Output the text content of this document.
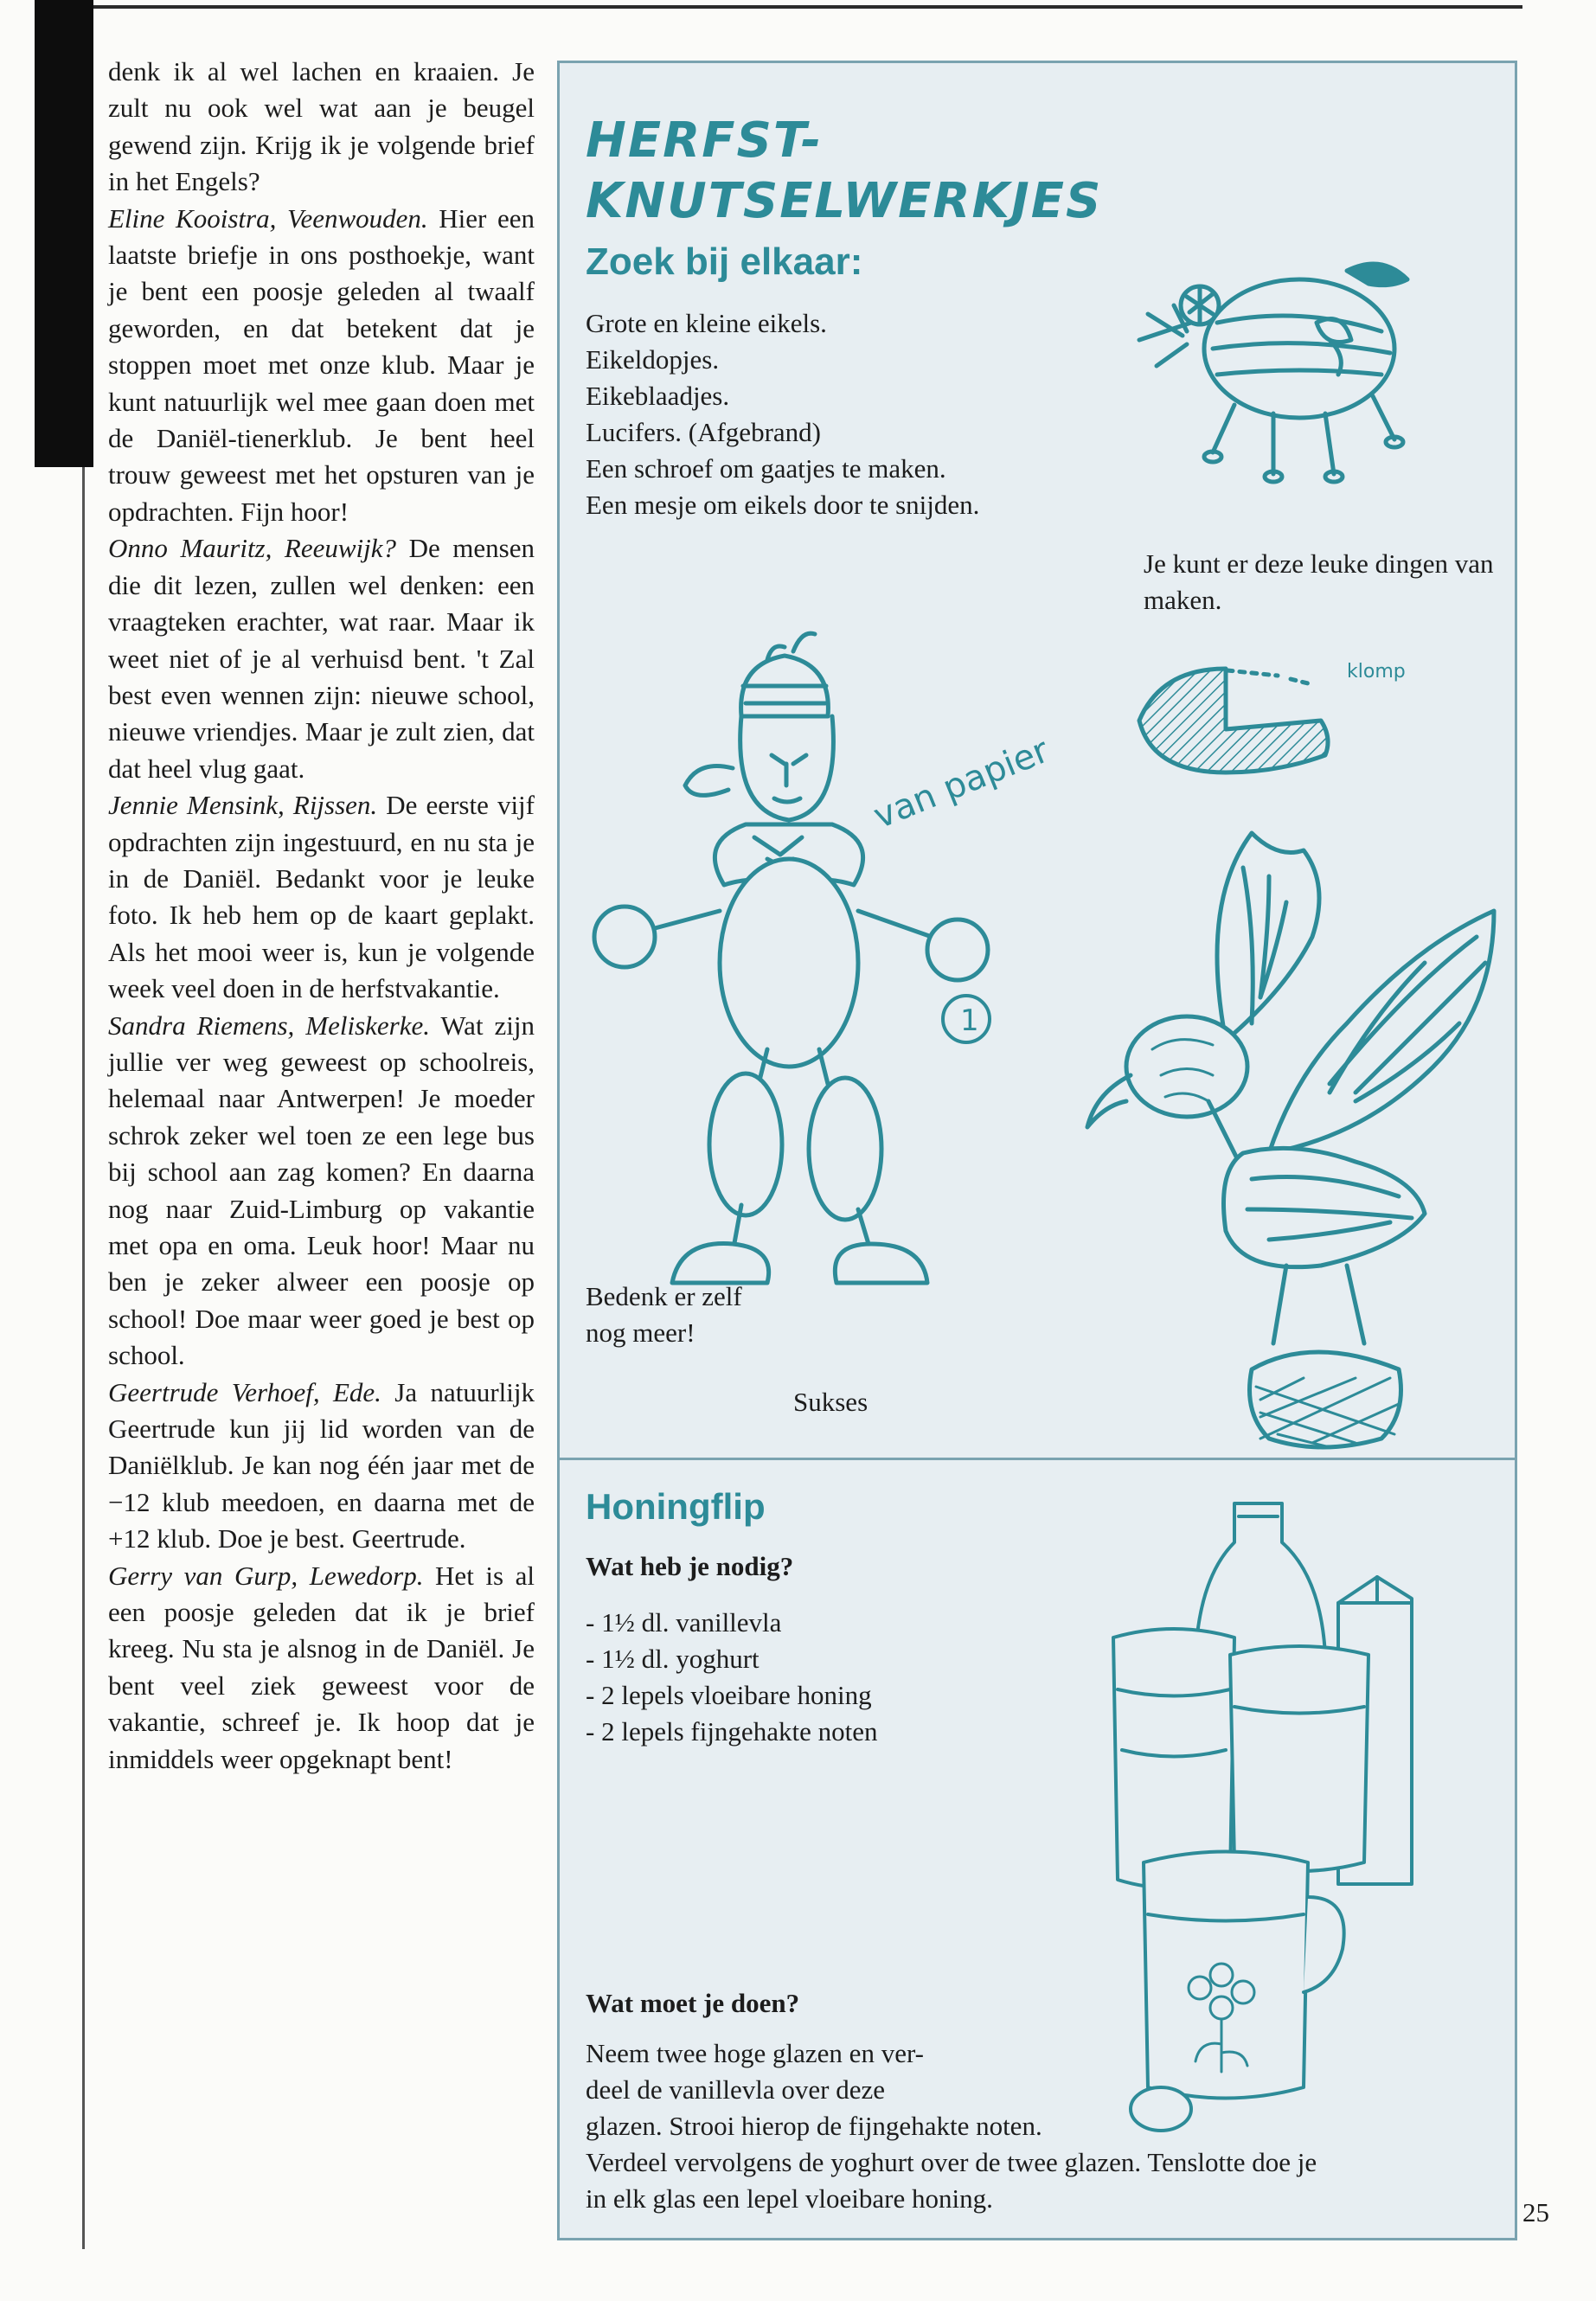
denk ik al wel lachen en kraaien. Je zult nu ook wel wat aan je beugel gewend zijn. Krijg ik je volgende brief in het Engels?

Eline Kooistra, Veenwouden. Hier een laatste briefje in ons posthoekje, want je bent een poosje geleden al twaalf geworden, en dat betekent dat je stoppen moet met onze klub. Maar je kunt natuurlijk wel mee gaan doen met de Daniël-tienerklub. Je bent heel trouw geweest met het opsturen van je opdrachten. Fijn hoor!

Onno Mauritz, Reeuwijk? De mensen die dit lezen, zullen wel denken: een vraagteken erachter, wat raar. Maar ik weet niet of je al verhuisd bent. 't Zal best even wennen zijn: nieuwe school, nieuwe vriendjes. Maar je zult zien, dat dat heel vlug gaat.

Jennie Mensink, Rijssen. De eerste vijf opdrachten zijn ingestuurd, en nu sta je in de Daniël. Bedankt voor je leuke foto. Ik heb hem op de kaart geplakt. Als het mooi weer is, kun je volgende week veel doen in de herfstvakantie.

Sandra Riemens, Meliskerke. Wat zijn jullie ver weg geweest op schoolreis, helemaal naar Antwerpen! Je moeder schrok zeker wel toen ze een lege bus bij school aan zag komen? En daarna nog naar Zuid-Limburg op vakantie met opa en oma. Leuk hoor! Maar nu ben je zeker alweer een poosje op school! Doe maar weer goed je best op school.

Geertrude Verhoef, Ede. Ja natuurlijk Geertrude kun jij lid worden van de Daniëlklub. Je kan nog één jaar met de −12 klub meedoen, en daarna met de +12 klub. Doe je best. Geertrude.

Gerry van Gurp, Lewedorp. Het is al een poosje geleden dat ik je brief kreeg. Nu sta je alsnog in de Daniël. Je bent veel ziek geweest voor de vakantie, schreef je. Ik hoop dat je inmiddels weer opgeknapt bent!

HERFST-
KNUTSELWERKJES
Zoek bij elkaar:
Grote en kleine eikels.
Eikeldopjes.
Eikeblaadjes.
Lucifers. (Afgebrand)
Een schroef om gaatjes te maken.
Een mesje om eikels door te snijden.
Je kunt er deze leuke dingen van maken.
van papier
klomp
1
Bedenk er zelf
nog meer!
Sukses
Honingflip

Wat heb je nodig?

- 1½ dl. vanillevla
- 1½ dl. yoghurt
- 2 lepels vloeibare honing
- 2 lepels fijngehakte noten

Wat moet je doen?

Neem twee hoge glazen en ver-
deel de vanillevla over deze
glazen. Strooi hierop de fijngehakte noten.
Verdeel vervolgens de yoghurt over de twee glazen. Tenslotte doe je
in elk glas een lepel vloeibare honing.	25
